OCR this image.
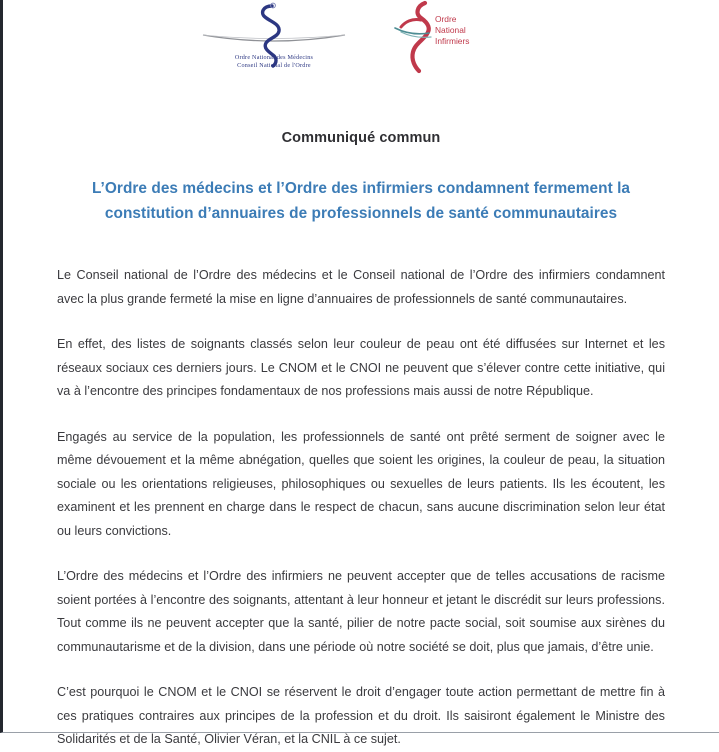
Ordre National des Médecins
Conseil National de l'Ordre
Ordre
National
Infirmiers
Communiqué commun
L’Ordre des médecins et l’Ordre des infirmiers condamnent fermement la
constitution d’annuaires de professionnels de santé communautaires

Le Conseil national de l’Ordre des médecins et le Conseil national de l’Ordre des infirmiers condamnent avec la plus grande fermeté la mise en ligne d’annuaires de professionnels de santé communautaires.

En effet, des listes de soignants classés selon leur couleur de peau ont été diffusées sur Internet et les réseaux sociaux ces derniers jours. Le CNOM et le CNOI ne peuvent que s’élever contre cette initiative, qui va à l’encontre des principes fondamentaux de nos professions mais aussi de notre République.

Engagés au service de la population, les professionnels de santé ont prêté serment de soigner avec le même dévouement et la même abnégation, quelles que soient les origines, la couleur de peau, la situation sociale ou les orientations religieuses, philosophiques ou sexuelles de leurs patients. Ils les écoutent, les examinent et les prennent en charge dans le respect de chacun, sans aucune discrimination selon leur état ou leurs convictions.

L’Ordre des médecins et l’Ordre des infirmiers ne peuvent accepter que de telles accusations de racisme soient portées à l’encontre des soignants, attentant à leur honneur et jetant le discrédit sur leurs professions. Tout comme ils ne peuvent accepter que la santé, pilier de notre pacte social, soit soumise aux sirènes du communautarisme et de la division, dans une période où notre société se doit, plus que jamais, d’être unie.

C’est pourquoi le CNOM et le CNOI se réservent le droit d’engager toute action permettant de mettre fin à ces pratiques contraires aux principes de la profession et du droit. Ils saisiront également le Ministre des Solidarités et de la Santé, Olivier Véran, et la CNIL à ce sujet.
